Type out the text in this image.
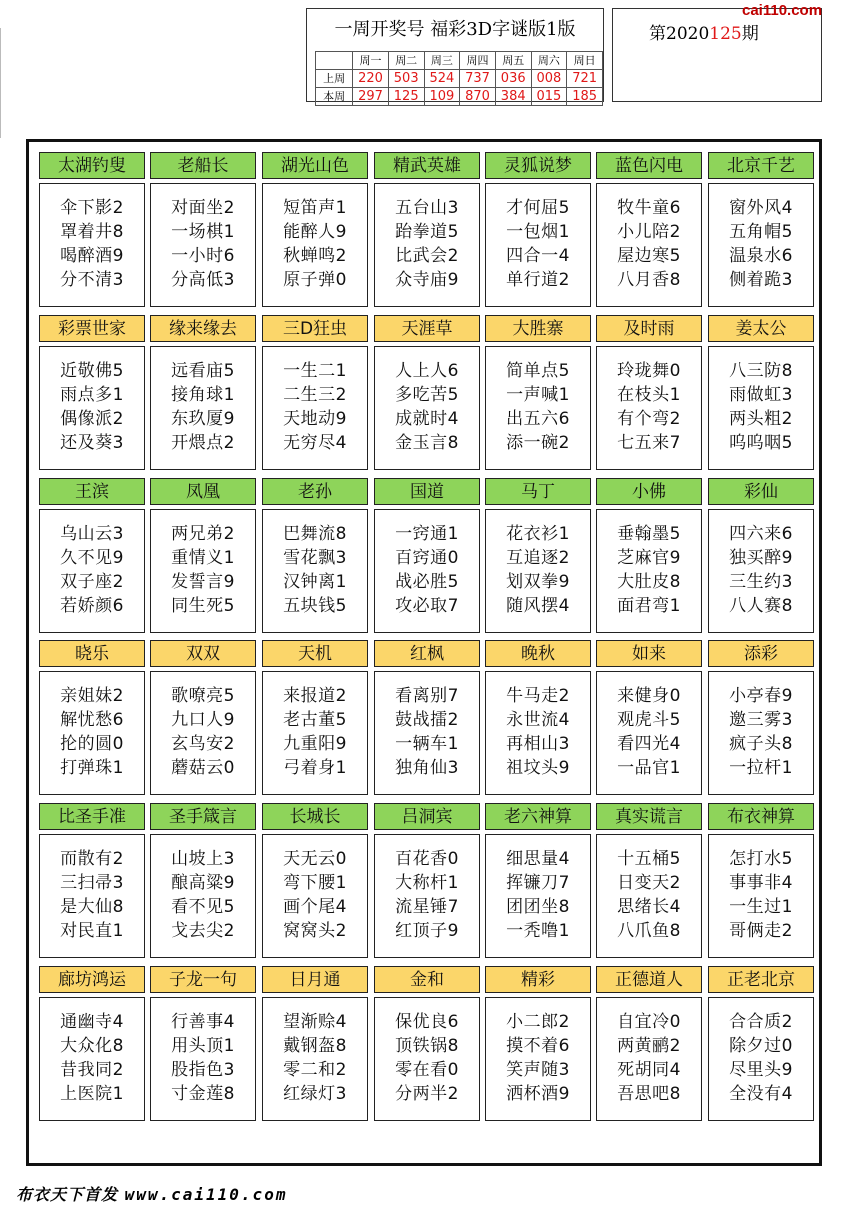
一周开奖号 福彩3D字谜版1版
	周一	周二	周三	周四	周五	周六	周日
上周	220	503	524	737	036	008	721
本周	297	125	109	870	384	015	185
第2020125期
cai110.com
太湖钓叟
伞下影2
罩着井8
喝醉酒9
分不清3
老船长
对面坐2
一场棋1
一小时6
分高低3
湖光山色
短笛声1
能醉人9
秋蝉鸣2
原子弹0
精武英雄
五台山3
跆拳道5
比武会2
众寺庙9
灵狐说梦
才何屈5
一包烟1
四合一4
单行道2
蓝色闪电
牧牛童6
小儿陪2
屋边寒5
八月香8
北京千艺
窗外风4
五角帽5
温泉水6
侧着跪3
彩票世家
近敬佛5
雨点多1
偶像派2
还及葵3
缘来缘去
远看庙5
接角球1
东玖厦9
开煨点2
三D狂虫
一生二1
二生三2
天地动9
无穷尽4
天涯草
人上人6
多吃苦5
成就时4
金玉言8
大胜寨
简单点5
一声喊1
出五六6
添一碗2
及时雨
玲珑舞0
在枝头1
有个弯2
七五来7
姜太公
八三防8
雨做虹3
两头粗2
呜呜咽5
王滨
乌山云3
久不见9
双子座2
若娇颜6
凤凰
两兄弟2
重情义1
发誓言9
同生死5
老孙
巴舞流8
雪花飘3
汉钟离1
五块钱5
国道
一窍通1
百窍通0
战必胜5
攻必取7
马丁
花衣衫1
互追逐2
划双拳9
随风摆4
小佛
垂翰墨5
芝麻官9
大肚皮8
面君弯1
彩仙
四六来6
独买醉9
三生约3
八人赛8
晓乐
亲姐妹2
解忧愁6
抡的圆0
打弹珠1
双双
歌嘹亮5
九口人9
玄鸟安2
蘑菇云0
天机
来报道2
老古董5
九重阳9
弓着身1
红枫
看离别7
鼓战擂2
一辆车1
独角仙3
晚秋
牛马走2
永世流4
再相山3
祖坟头9
如来
来健身0
观虎斗5
看四光4
一品官1
添彩
小亭春9
邀三雾3
疯子头8
一拉杆1
比圣手准
而散有2
三扫帚3
是大仙8
对民直1
圣手箴言
山坡上3
酿高粱9
看不见5
戈去尖2
长城长
天无云0
弯下腰1
画个尾4
窝窝头2
吕洞宾
百花香0
大称杆1
流星锤7
红顶子9
老六神算
细思量4
挥镰刀7
团团坐8
一秃噜1
真实谎言
十五桶5
日变天2
思绪长4
八爪鱼8
布衣神算
怎打水5
事事非4
一生过1
哥俩走2
廊坊鸿运
通幽寺4
大众化8
昔我同2
上医院1
子龙一句
行善事4
用头顶1
股指色3
寸金莲8
日月通
望渐赊4
戴钢盔8
零二和2
红绿灯3
金和
保优良6
顶铁锅8
零在看0
分两半2
精彩
小二郎2
摸不着6
笑声随3
洒杯酒9
正德道人
自宜冷0
两黄鹂2
死胡同4
吾思吧8
正老北京
合合质2
除夕过0
尽里头9
全没有4
布衣天下首发 www.cai110.com
